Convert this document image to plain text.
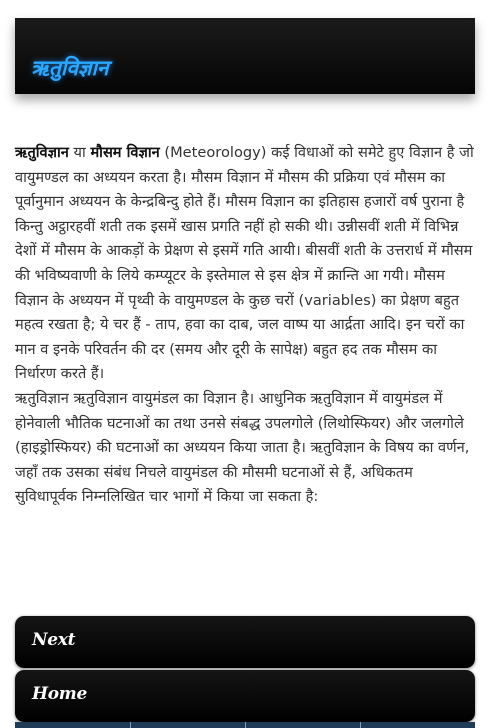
ऋतुविज्ञान
ऋतुविज्ञान या मौसम विज्ञान (Meteorology) कई विधाओं को समेटे हुए विज्ञान है जो वायुमण्डल का अध्ययन करता है। मौसम विज्ञान में मौसम की प्रक्रिया एवं मौसम का पूर्वानुमान अध्ययन के केन्द्रबिन्दु होते हैं। मौसम विज्ञान का इतिहास हजारों वर्ष पुराना है किन्तु अट्ठारहवीं शती तक इसमें खास प्रगति नहीं हो सकी थी। उन्नीसवीं शती में विभिन्न देशों में मौसम के आकड़ों के प्रेक्षण से इसमें गति आयी। बीसवीं शती के उत्तरार्ध में मौसम की भविष्यवाणी के लिये कम्प्यूटर के इस्तेमाल से इस क्षेत्र में क्रान्ति आ गयी। मौसम विज्ञान के अध्ययन में पृथ्वी के वायुमण्डल के कुछ चरों (variables) का प्रेक्षण बहुत महत्व रखता है; ये चर हैं - ताप, हवा का दाब, जल वाष्प या आर्द्रता आदि। इन चरों का मान व इनके परिवर्तन की दर (समय और दूरी के सापेक्ष) बहुत हद तक मौसम का निर्धारण करते हैं।
ऋतुविज्ञान ऋतुविज्ञान वायुमंडल का विज्ञान है। आधुनिक ऋतुविज्ञान में वायुमंडल में होनेवाली भौतिक घटनाओं का तथा उनसे संबद्ध उपलगोले (लिथोस्फियर) और जलगोले (हाइड्रोस्फियर) की घटनाओं का अध्ययन किया जाता है। ऋतुविज्ञान के विषय का वर्णन, जहाँ तक उसका संबंध निचले वायुमंडल की मौसमी घटनाओं से हैं, अधिकतम सुविधापूर्वक निम्नलिखित चार भागों में किया जा सकता है:
Next
Home
